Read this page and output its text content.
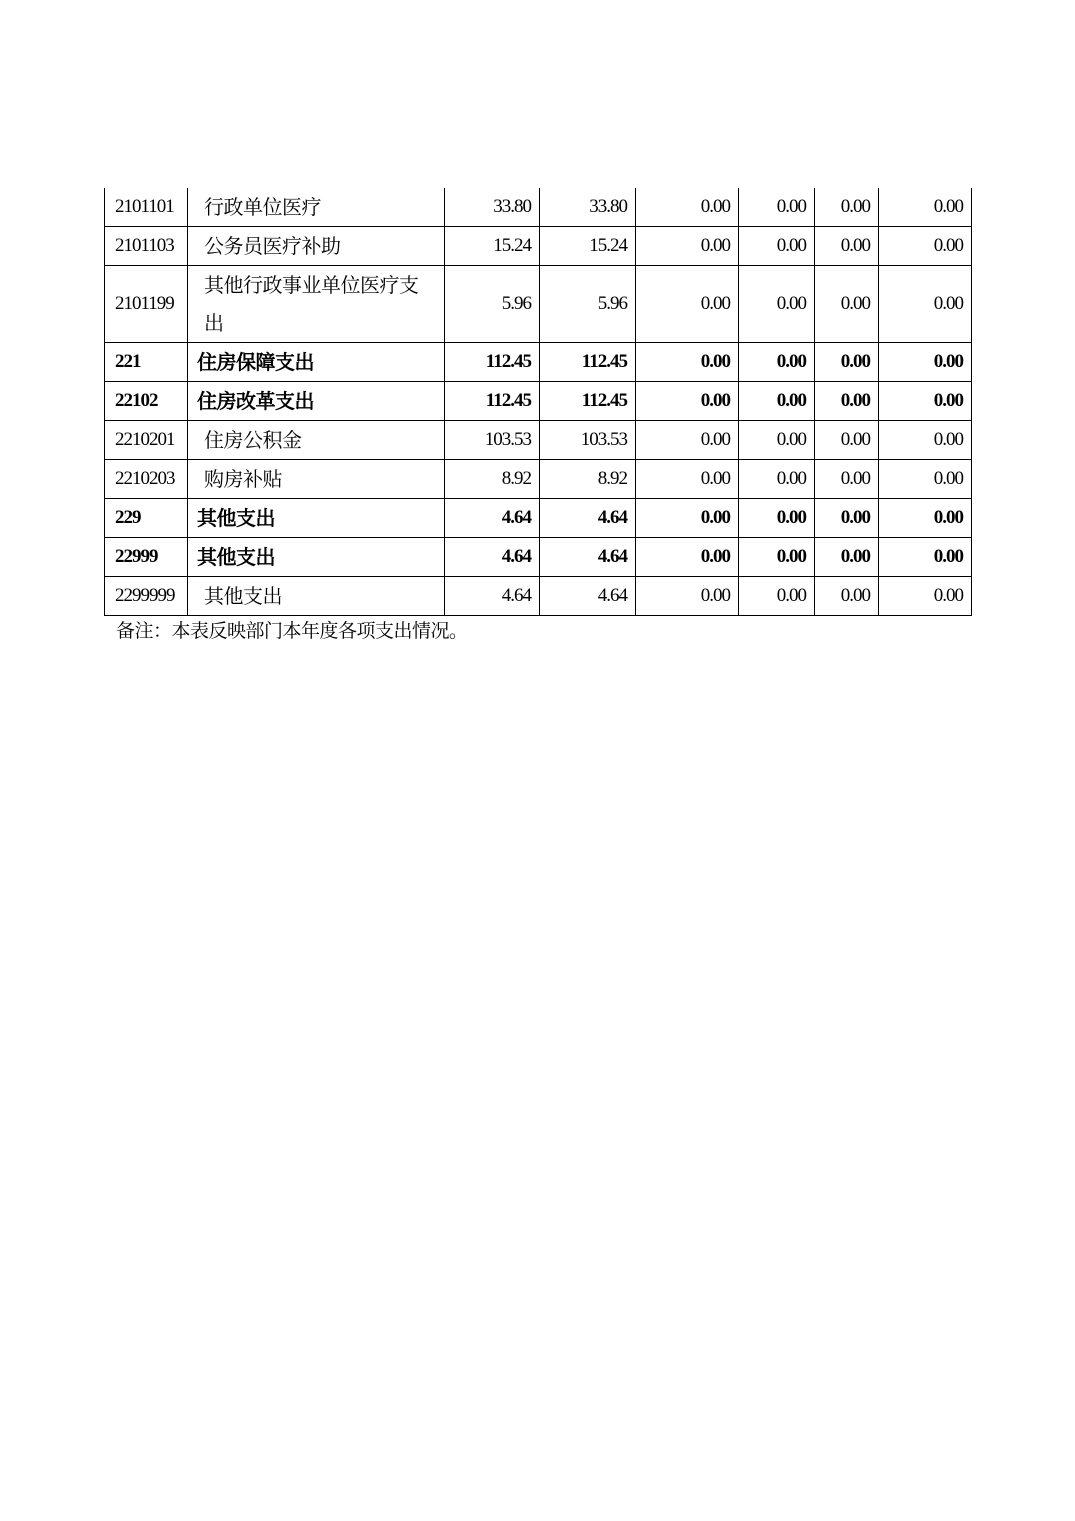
2101101	行政单位医疗	33.80	33.80	0.00	0.00	0.00	0.00
2101103	公务员医疗补助	15.24	15.24	0.00	0.00	0.00	0.00
2101199	其他行政事业单位医疗支出	5.96	5.96	0.00	0.00	0.00	0.00
221	住房保障支出	112.45	112.45	0.00	0.00	0.00	0.00
22102	住房改革支出	112.45	112.45	0.00	0.00	0.00	0.00
2210201	住房公积金	103.53	103.53	0.00	0.00	0.00	0.00
2210203	购房补贴	8.92	8.92	0.00	0.00	0.00	0.00
229	其他支出	4.64	4.64	0.00	0.00	0.00	0.00
22999	其他支出	4.64	4.64	0.00	0.00	0.00	0.00
2299999	其他支出	4.64	4.64	0.00	0.00	0.00	0.00
备注：本表反映部门本年度各项支出情况。
